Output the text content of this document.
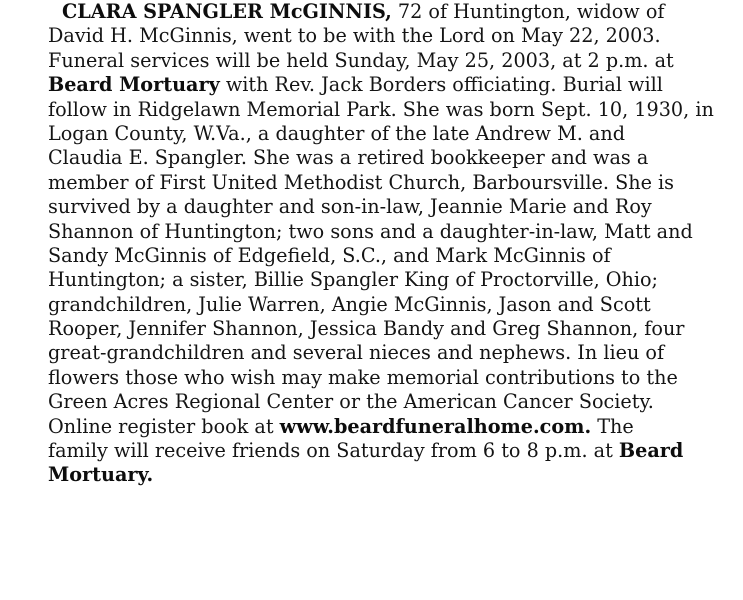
CLARA SPANGLER McGINNIS, 72 of Huntington, widow of
David H. McGinnis, went to be with the Lord on May 22, 2003.
Funeral services will be held Sunday, May 25, 2003, at 2 p.m. at
Beard Mortuary with Rev. Jack Borders officiating. Burial will
follow in Ridgelawn Memorial Park. She was born Sept. 10, 1930, in
Logan County, W.Va., a daughter of the late Andrew M. and
Claudia E. Spangler. She was a retired bookkeeper and was a
member of First United Methodist Church, Barboursville. She is
survived by a daughter and son-in-law, Jeannie Marie and Roy
Shannon of Huntington; two sons and a daughter-in-law, Matt and
Sandy McGinnis of Edgefield, S.C., and Mark McGinnis of
Huntington; a sister, Billie Spangler King of Proctorville, Ohio;
grandchildren, Julie Warren, Angie McGinnis, Jason and Scott
Rooper, Jennifer Shannon, Jessica Bandy and Greg Shannon, four
great-grandchildren and several nieces and nephews. In lieu of
flowers those who wish may make memorial contributions to the
Green Acres Regional Center or the American Cancer Society.
Online register book at www.beardfuneralhome.com. The
family will receive friends on Saturday from 6 to 8 p.m. at Beard
Mortuary.
